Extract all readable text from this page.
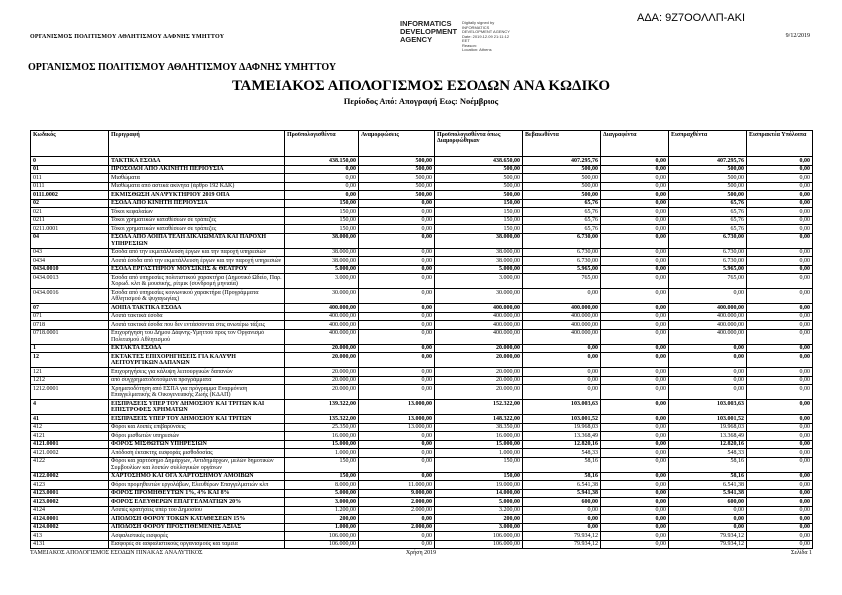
ΟΡΓΑΝΙΣΜΟΣ ΠΟΛΙΤΙΣΜΟΥ ΑΘΛΗΤΙΣΜΟΥ ΔΑΦΝΗΣ ΥΜΗΤΤΟΥ	9/12/2019
ΑΔΑ: 9Ζ7ΟΟΛΛΠ-ΑΚΙ
INFORMATICS DEVELOPMENT AGENCY
Digitally signed by
INFORMATICS
DEVELOPMENT AGENCY
Date: 2019.12.09 21:11:12
EET
Reason:
Location: Athens
ΟΡΓΑΝΙΣΜΟΣ ΠΟΛΙΤΙΣΜΟΥ ΑΘΛΗΤΙΣΜΟΥ ΔΑΦΝΗΣ ΥΜΗΤΤΟΥ
ΤΑΜΕΙΑΚΟΣ ΑΠΟΛΟΓΙΣΜΟΣ ΕΣΟΔΩΝ ΑΝΑ ΚΩΔΙΚΟ
Περίοδος Από: Απογραφή Εως: Νοέμβριος
Κωδικός	Περιγραφή	Προϋπολογισθέντα	Αναμορφώσεις	Προϋπολογισθέντα όπως Διαμορφώθηκαν	Βεβαιωθέντα	Διαγραφέντα	Εισπραχθέντα	Εισπρακτέα Υπόλοιπα
0	ΤΑΚΤΙΚΑ ΕΣΟΔΑ	438.150,00	500,00	438.650,00	407.295,76	0,00	407.295,76	0,00
01	ΠΡΟΣΟΔΟΙ ΑΠΟ ΑΚΙΝΗΤΗ ΠΕΡΙΟΥΣΙΑ	0,00	500,00	500,00	500,00	0,00	500,00	0,00
011	Μισθώματα	0,00	500,00	500,00	500,00	0,00	500,00	0,00
0111	Μισθώματα από αστικά ακίνητα (άρθρο 192 ΚΔΚ)	0,00	500,00	500,00	500,00	0,00	500,00	0,00
0111.0002	ΕΚΜΙΣΘΩΣΗ ΑΝΑΨΥΚΤΗΡΙΟΥ 2019 ΟΠΑ	0,00	500,00	500,00	500,00	0,00	500,00	0,00
02	ΕΣΟΔΑ ΑΠΟ ΚΙΝΗΤΗ ΠΕΡΙΟΥΣΙΑ	150,00	0,00	150,00	65,76	0,00	65,76	0,00
021	Τόκοι κεφαλαίων	150,00	0,00	150,00	65,76	0,00	65,76	0,00
0211	Τόκοι χρηματικών καταθέσεων σε τράπεζες	150,00	0,00	150,00	65,76	0,00	65,76	0,00
0211.0001	Τόκοι χρηματικών καταθέσεων σε τράπεζες	150,00	0,00	150,00	65,76	0,00	65,76	0,00
04	ΕΣΟΔΑ ΑΠΟ ΛΟΙΠΑ ΤΕΛΗ ΔΙΚΑΙΩΜΑΤΑ ΚΑΙ ΠΑΡΟΧΗ ΥΠΗΡΕΣΙΩΝ	38.000,00	0,00	38.000,00	6.730,00	0,00	6.730,00	0,00
043	Έσοδα από την εκμετάλλευση έργων και την παροχή υπηρεσιών	38.000,00	0,00	38.000,00	6.730,00	0,00	6.730,00	0,00
0434	Λοιπά έσοδα από την εκμετάλλευση έργων και την παροχή υπηρεσιών	38.000,00	0,00	38.000,00	6.730,00	0,00	6.730,00	0,00
0434.0010	ΕΣΟΔΑ ΕΡΓΑΣΤΗΡΙΟΥ ΜΟΥΣΙΚΗΣ & ΘΕΑΤΡΟΥ	5.000,00	0,00	5.000,00	5.965,00	0,00	5.965,00	0,00
0434.0013	Έσοδα από υπηρεσίες πολιτιστικού χαρακτήρα (Δημοτικό Ωδείο, Παρ. Χορωδ. κλπ & μουσικής, ρίτμικ (συνδρομή μηνιαία)	3.000,00	0,00	3.000,00	765,00	0,00	765,00	0,00
0434.0016	Έσοδα από υπηρεσίες κοινωνικού χαρακτήρα (Προγράμματα Αθλητισμού & ψυχαγωγίας)	30.000,00	0,00	30.000,00	0,00	0,00	0,00	0,00
07	ΛΟΙΠΑ ΤΑΚΤΙΚΑ ΕΣΟΔΑ	400.000,00	0,00	400.000,00	400.000,00	0,00	400.000,00	0,00
071	Λοιπά τακτικά έσοδα	400.000,00	0,00	400.000,00	400.000,00	0,00	400.000,00	0,00
0718	Λοιπά τακτικά έσοδα που δεν εντάσσονται στις ανωτέρω τάξεις	400.000,00	0,00	400.000,00	400.000,00	0,00	400.000,00	0,00
0718.0001	Επιχορήγηση του Δήμου Δάφνης-Υμηττού προς τον Οργανισμό Πολιτισμού Αθλητισμού	400.000,00	0,00	400.000,00	400.000,00	0,00	400.000,00	0,00
1	ΕΚΤΑΚΤΑ ΕΣΟΔΑ	20.000,00	0,00	20.000,00	0,00	0,00	0,00	0,00
12	ΕΚΤΑΚΤΕΣ ΕΠΙΧΟΡΗΓΗΣΕΙΣ ΓΙΑ ΚΑΛΥΨΗ ΛΕΙΤΟΥΡΓΙΚΩΝ ΔΑΠΑΝΩΝ	20.000,00	0,00	20.000,00	0,00	0,00	0,00	0,00
121	Επιχορηγήσεις για κάλυψη λειτουργικών δαπανών	20.000,00	0,00	20.000,00	0,00	0,00	0,00	0,00
1212	από συγχρηματοδοτούμενα προγράμματα	20.000,00	0,00	20.000,00	0,00	0,00	0,00	0,00
1212.0001	Χρηματοδότηση από ΕΣΠΑ για πρόγραμμα Εναρμόνιση Επαγγελματικής & Οικογενειακής Ζωής (ΚΔΑΠ)	20.000,00	0,00	20.000,00	0,00	0,00	0,00	0,00
4	ΕΙΣΠΡΑΞΕΙΣ ΥΠΕΡ ΤΟΥ ΔΗΜΟΣΙΟΥ ΚΑΙ ΤΡΙΤΩΝ ΚΑΙ ΕΠΙΣΤΡΟΦΕΣ ΧΡΗΜΑΤΩΝ	139.322,00	13.000,00	152.322,00	103.003,63	0,00	103.003,63	0,00
41	ΕΙΣΠΡΑΞΕΙΣ ΥΠΕΡ ΤΟΥ ΔΗΜΟΣΙΟΥ ΚΑΙ ΤΡΙΤΩΝ	135.322,00	13.000,00	148.322,00	103.001,52	0,00	103.001,52	0,00
412	Φόροι και λοιπές επιβαρύνσεις	25.350,00	13.000,00	38.350,00	19.968,03	0,00	19.968,03	0,00
4121	Φόροι μισθωτών υπηρεσιών	16.000,00	0,00	16.000,00	13.368,49	0,00	13.368,49	0,00
4121.0001	ΦΟΡΟΣ ΜΙΣΘΩΤΩΝ ΥΠΗΡΕΣΙΩΝ	15.000,00	0,00	15.000,00	12.820,16	0,00	12.820,16	0,00
4121.0002	Απόδοση έκτακτης εισφοράς μισθοδοσίας	1.000,00	0,00	1.000,00	548,33	0,00	548,33	0,00
4122	Φόροι και χαρτόσημο Δημάρχων, Αντιδημάρχων, μελών δημοτικών Συμβουλίων και λοιπών συλλογικών οργάνων	150,00	0,00	150,00	58,16	0,00	58,16	0,00
4122.0002	ΧΑΡΤΟΣΗΜΟ ΚΑΙ ΟΓΑ ΧΑΡΤΟΣΗΜΟΥ ΑΜΟΙΒΩΝ	150,00	0,00	150,00	58,16	0,00	58,16	0,00
4123	Φόροι προμηθευτών εργολάβων, Ελευθέρων Επαγγελματιών κλπ	8.000,00	11.000,00	19.000,00	6.541,38	0,00	6.541,38	0,00
4123.0001	ΦΟΡΟΣ ΠΡΟΜΗΘΕΥΤΩΝ 1%, 4% ΚΑΙ 8%	5.000,00	9.000,00	14.000,00	5.941,38	0,00	5.941,38	0,00
4123.0002	ΦΟΡΟΣ ΕΛΕΥΘΕΡΩΝ ΕΠΑΓΓΕΛΜΑΤΙΩΝ 20%	3.000,00	2.000,00	5.000,00	600,00	0,00	600,00	0,00
4124	Λοιπές κρατήσεις υπέρ του Δημοσίου	1.200,00	2.000,00	3.200,00	0,00	0,00	0,00	0,00
4124.0001	ΑΠΟΔΟΣΗ ΦΟΡΟΥ ΤΟΚΩΝ ΚΑΤΑΘΕΣΕΩΝ 15%	200,00	0,00	200,00	0,00	0,00	0,00	0,00
4124.0002	ΑΠΟΔΟΣΗ ΦΟΡΟΥ ΠΡΟΣΤΙΘΕΜΕΝΗΣ ΑΞΙΑΣ	1.000,00	2.000,00	3.000,00	0,00	0,00	0,00	0,00
413	Ασφαλιστικές εισφορές	106.000,00	0,00	106.000,00	79.934,12	0,00	79.934,12	0,00
4131	Εισφορές σε ασφαλιστικούς οργανισμούς και ταμεία	106.000,00	0,00	106.000,00	79.934,12	0,00	79.934,12	0,00
ΤΑΜΕΙΑΚΟΣ ΑΠΟΛΟΓΙΣΜΟΣ ΕΣΟΔΩΝ ΠΙΝΑΚΑΣ ΑΝΑΛΥΤΙΚΟΣ	Χρήση 2019	Σελίδα 1
